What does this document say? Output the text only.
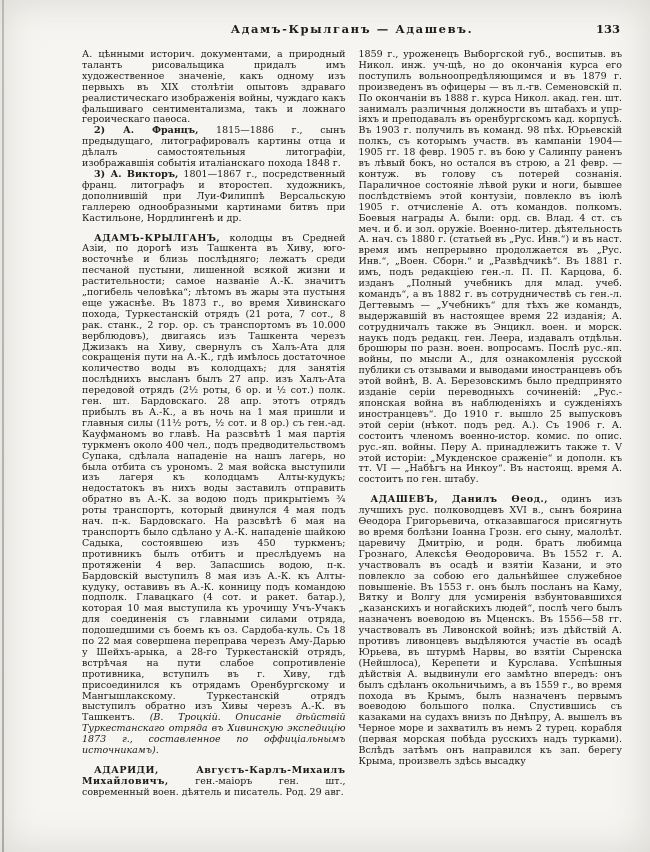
Адамъ-Крылганъ — Адашевъ.	133

А. цѣнными историч. документами, а природный талантъ рисовальщика придалъ имъ художественное значеніе, какъ одному изъ первыхъ въ XIX столѣтіи опытовъ здраваго реалистическаго изображенія войны, чуждаго какъ фальшиваго сентиментализма, такъ и ложнаго героическаго паѳоса.

2) А. Францъ, 1815—1886 г., сынъ предыдущаго, литографировалъ картины отца и дѣлалъ самостоятельныя литографіи, изображавшія событія италіанскаго похода 1848 г.

3) А. Викторъ, 1801—1867 г., посредственный франц. литографъ и второстеп. художникъ, дополнившій при Луи-Филиппѣ Версальскую галлерею однообразными картинами битвъ при Кастильоне, Нордлингенѣ и др.

АДАМЪ-КРЫЛГАНЪ, колодцы въ Средней Азіи, по дорогѣ изъ Ташкента въ Хиву, юго-восточнѣе и близь послѣдняго; лежатъ среди песчаной пустыни, лишенной всякой жизни и растительности; самое названіе А.-К. значитъ „погибель человѣка“; лѣтомъ въ жары эта пустыня еще ужаснѣе. Въ 1873 г., во время Хивинскаго похода, Туркестанскій отрядъ (21 рота, 7 сот., 8 рак. станк., 2 гор. ор. съ транспортомъ въ 10.000 верблюдовъ), двигаясь изъ Ташкента черезъ Джизакъ на Хиву, свернулъ съ Халъ-Ата для сокращенія пути на А.-К., гдѣ имѣлось достаточное количество воды въ колодцахъ; для занятія послѣднихъ высланъ былъ 27 апр. изъ Халъ-Ата передовой отрядъ (2½ роты, 6 ор. и ½ сот.) полк. ген. шт. Бардовскаго. 28 апр. этотъ отрядъ прибылъ въ А.-К., а въ ночь на 1 мая пришли и главныя силы (11½ ротъ, ½ сот. и 8 ор.) съ ген.-ад. Кауфманомъ во главѣ. На разсвѣтѣ 1 мая партія туркменъ около 400 чел., подъ предводительствомъ Супака, сдѣлала нападеніе на нашъ лагерь, но была отбита съ урономъ. 2 мая войска выступили изъ лагеря къ колодцамъ Алты-кудукъ; недостатокъ въ нихъ воды заставилъ отправить обратно въ А.-К. за водою подъ прикрытіемъ ¾ роты транспортъ, который двинулся 4 мая подъ нач. п-к. Бардовскаго. На разсвѣтѣ 6 мая на транспортъ было сдѣлано у А.-К. нападеніе шайкою Садыка, состоявшею изъ 450 туркменъ; противникъ былъ отбитъ и преслѣдуемъ на протяженіи 4 вер. Запасшись водою, п-к. Бардовскій выступилъ 8 мая изъ А.-К. къ Алты-кудуку, оставивъ въ А.-К. конницу подъ командою подполк. Главацкаго (4 сот. и ракет. батар.), которая 10 мая выступила къ урочищу Учъ-Учакъ для соединенія съ главными силами отряда, подошедшими съ боемъ къ оз. Сардоба-куль. Съ 18 по 22 мая совершена переправа черезъ Аму-Дарью у Шейхъ-арыка, а 28-го Туркестанскій отрядъ, встрѣчая на пути слабое сопротивленіе противника, вступилъ въ г. Хиву, гдѣ присоединился къ отрядамъ Оренбургскому и Мангышлакскому. Туркестанскій отрядъ выступилъ обратно изъ Хивы черезъ А.-К. въ Ташкентъ. (В. Троцкій. Описаніе дѣйствій Туркестанскаго отряда въ Хивинскую экспедицію 1873 г., составленное по оффиціальнымъ источникамъ).

АДАРИДИ, Августъ-Карлъ-Михаилъ Михайловичъ, ген.-маіоръ ген. шт., современный воен. дѣятель и писатель. Род. 29 авг.

1859 г., уроженецъ Выборгской губ., воспитыв. въ Никол. инж. уч-щѣ, но до окончанія курса его поступилъ вольноопредѣляющимся и въ 1879 г. произведенъ въ офицеры — въ л.-гв. Семеновскій п. По окончаніи въ 1888 г. курса Никол. акад. ген. шт. занималъ различныя должности въ штабахъ и упр-іяхъ и преподавалъ въ оренбургскомъ кад. корпусѣ. Въ 1903 г. получилъ въ команд. 98 пѣх. Юрьевскій полкъ, съ которымъ участв. въ кампаніи 1904—1905 гг. 18 февр. 1905 г. въ бою у Салинпу раненъ въ лѣвый бокъ, но остался въ строю, а 21 февр. — контуж. въ голову съ потерей сознанія. Параличное состояніе лѣвой руки и ноги, бывшее послѣдствіемъ этой контузіи, повлекло въ іюлѣ 1905 г. отчисленіе А. отъ командов. полкомъ. Боевыя награды А. были: орд. св. Влад. 4 ст. съ меч. и б. и зол. оружіе. Военно-литер. дѣятельность А. нач. съ 1880 г. (статьей въ „Рус. Инв.“) и въ наст. время имъ непрерывно продолжается въ „Рус. Инв.“, „Воен. Сборн.“ и „Развѣдчикѣ“. Въ 1881 г. имъ, подъ редакціею ген.-л. П. П. Карцова, б. изданъ „Полный учебникъ для млад. учеб. командъ“, а въ 1882 г. въ сотрудничествѣ съ ген.-л. Дегтевымъ — „Учебникъ“ для тѣхъ же командъ, выдержавшій въ настоящее время 22 изданія; А. сотрудничалъ также въ Энцикл. воен. и морск. наукъ подъ редакц. ген. Леера, издавалъ отдѣльн. брошюры по разн. воен. вопросамъ. Послѣ рус.-яп. войны, по мысли А., для ознакомленія русской публики съ отзывами и выводами иностранцевъ объ этой войнѣ, В. А. Березовскимъ было предпринято изданіе серіи переводныхъ сочиненій: „Рус.-японская война въ наблюденіяхъ и сужденіяхъ иностранцевъ“. До 1910 г. вышло 25 выпусковъ этой серіи (нѣкот. подъ ред. А.). Съ 1906 г. А. состоитъ членомъ военно-истор. комис. по опис. рус.-яп. войны. Перу А. принадлежитъ также т. V этой исторіи: „Мукденское сраженіе“ и дополн. къ тт. VI — „Набѣгъ на Инкоу“. Въ настоящ. время А. состоитъ по ген. штабу.

АДАШЕВЪ, Данилъ Ѳеод., одинъ изъ лучшихъ рус. полководцевъ XVI в., сынъ боярина Ѳеодора Григорьевича, отказавшагося присягнуть во время болѣзни Іоанна Грозн. его сыну, малолѣт. царевичу Дмитрію, и родн. братъ любимца Грознаго, Алексѣя Ѳеодоровича. Въ 1552 г. А. участвовалъ въ осадѣ и взятіи Казани, и это повлекло за собою его дальнѣйшее служебное повышеніе. Въ 1553 г. онъ былъ посланъ на Каму, Вятку и Волгу для усмиренія взбунтовавшихся „казанскихъ и ногайскихъ людей“, послѣ чего былъ назначенъ воеводою въ Мценскъ. Въ 1556—58 гг. участвовалъ въ Ливонской войнѣ; изъ дѣйствій А. противъ ливонцевъ выдѣляются участіе въ осадѣ Юрьева, въ штурмѣ Нарвы, во взятіи Сыренска (Нейшлоса), Керепети и Курслава. Успѣшныя дѣйствія А. выдвинули его замѣтно впередъ: онъ былъ сдѣланъ окольничьимъ, а въ 1559 г., во время похода въ Крымъ, былъ назначенъ первымъ воеводою большого полка. Спустившись съ казаками на судахъ внизъ по Днѣпру, А. вышелъ въ Черное море и захватилъ въ немъ 2 турец. корабля (первая морская побѣда русскихъ надъ турками). Вслѣдъ затѣмъ онъ направился къ зап. берегу Крыма, произвелъ здѣсь высадку
